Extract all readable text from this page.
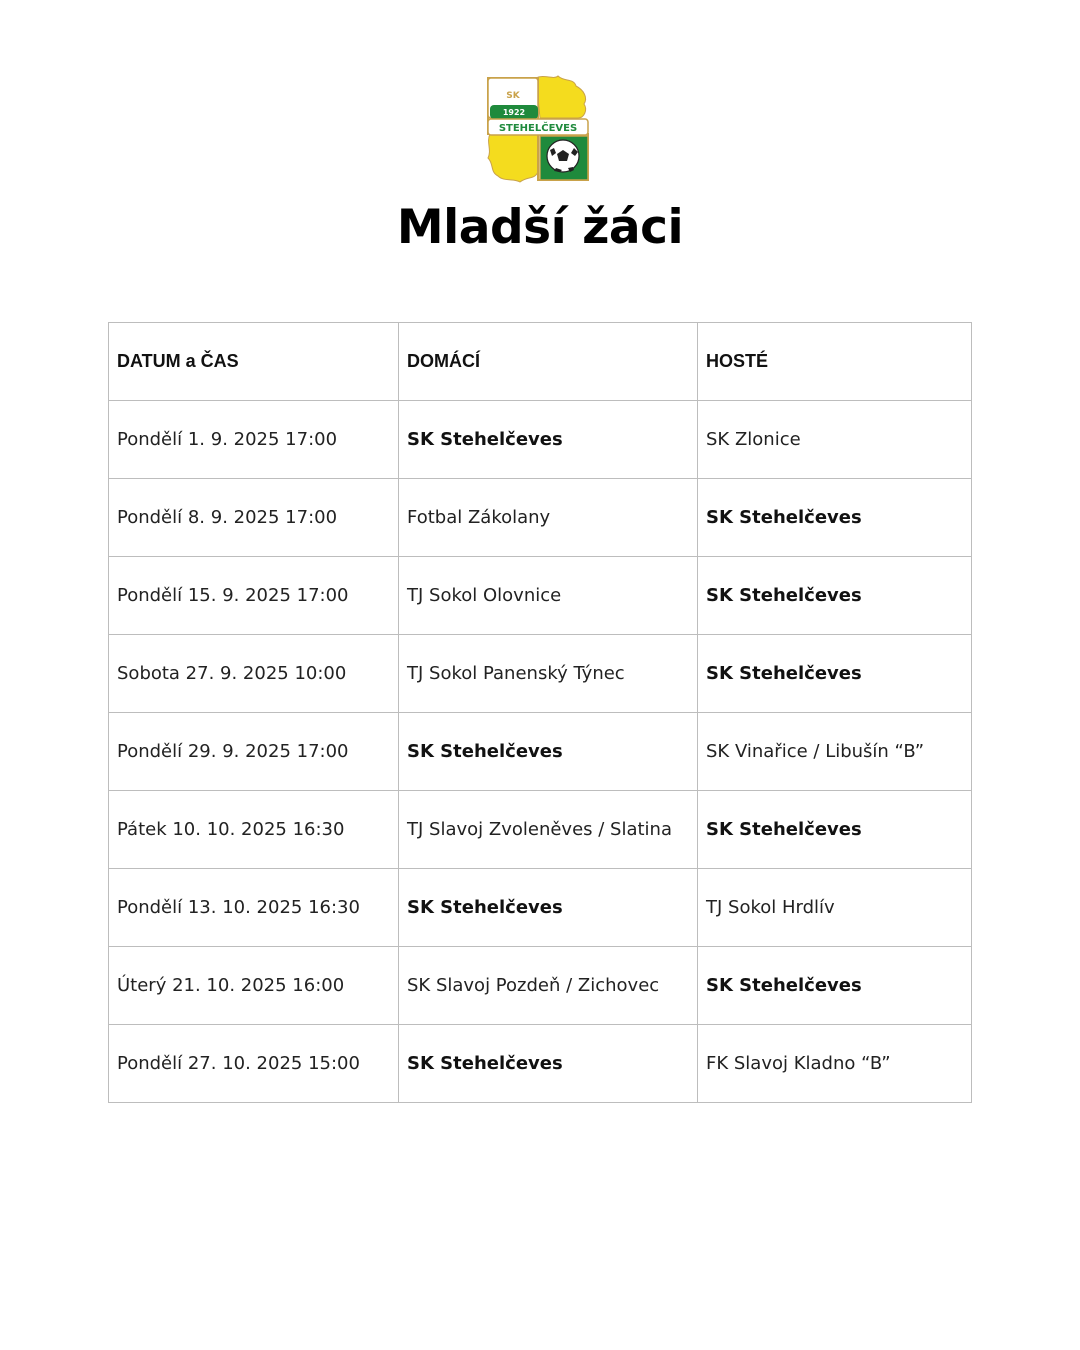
SK
1922
STEHELČEVES
Mladší žáci
DATUM a ČAS	DOMÁCÍ	HOSTÉ
Pondělí 1. 9. 2025 17:00	SK Stehelčeves	SK Zlonice
Pondělí 8. 9. 2025 17:00	Fotbal Zákolany	SK Stehelčeves
Pondělí 15. 9. 2025 17:00	TJ Sokol Olovnice	SK Stehelčeves
Sobota 27. 9. 2025 10:00	TJ Sokol Panenský Týnec	SK Stehelčeves
Pondělí 29. 9. 2025 17:00	SK Stehelčeves	SK Vinařice / Libušín “B”
Pátek 10. 10. 2025 16:30	TJ Slavoj Zvoleněves / Slatina	SK Stehelčeves
Pondělí 13. 10. 2025 16:30	SK Stehelčeves	TJ Sokol Hrdlív
Úterý 21. 10. 2025 16:00	SK Slavoj Pozdeň / Zichovec	SK Stehelčeves
Pondělí 27. 10. 2025 15:00	SK Stehelčeves	FK Slavoj Kladno “B”
